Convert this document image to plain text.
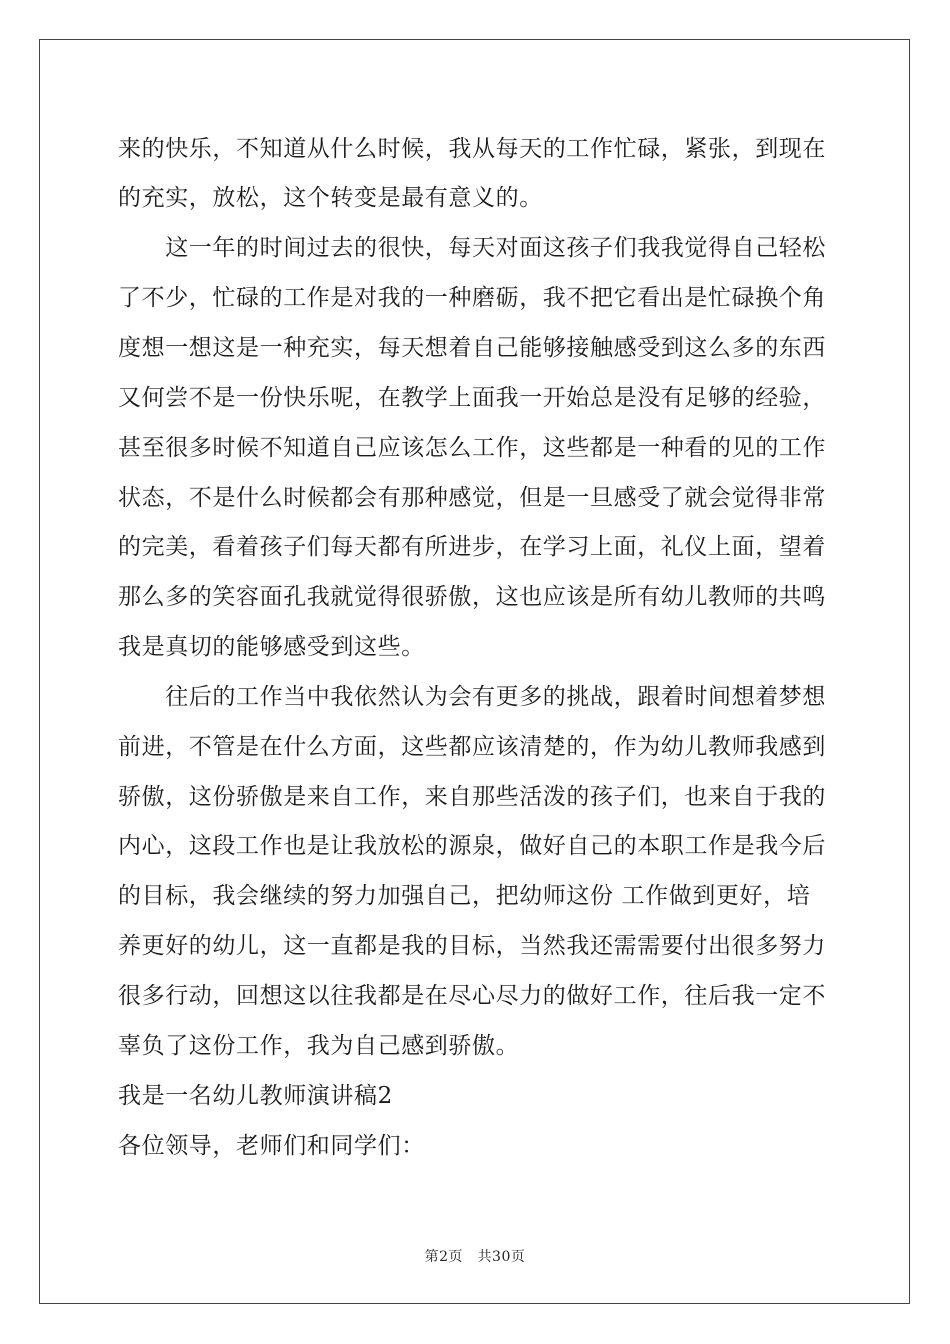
来的快乐，不知道从什么时候，我从每天的工作忙碌，紧张，到现在
的充实，放松，这个转变是最有意义的。
　　这一年的时间过去的很快，每天对面这孩子们我我觉得自己轻松
了不少，忙碌的工作是对我的一种磨砺，我不把它看出是忙碌换个角
度想一想这是一种充实，每天想着自己能够接触感受到这么多的东西
又何尝不是一份快乐呢，在教学上面我一开始总是没有足够的经验，
甚至很多时候不知道自己应该怎么工作，这些都是一种看的见的工作
状态，不是什么时候都会有那种感觉，但是一旦感受了就会觉得非常
的完美，看着孩子们每天都有所进步，在学习上面，礼仪上面，望着
那么多的笑容面孔我就觉得很骄傲，这也应该是所有幼儿教师的共鸣
我是真切的能够感受到这些。
　　往后的工作当中我依然认为会有更多的挑战，跟着时间想着梦想
前进，不管是在什么方面，这些都应该清楚的，作为幼儿教师我感到
骄傲，这份骄傲是来自工作，来自那些活泼的孩子们，也来自于我的
内心，这段工作也是让我放松的源泉，做好自己的本职工作是我今后
的目标，我会继续的努力加强自己，把幼师这份 工作做到更好，培
养更好的幼儿，这一直都是我的目标，当然我还需需要付出很多努力
很多行动，回想这以往我都是在尽心尽力的做好工作，往后我一定不
辜负了这份工作，我为自己感到骄傲。
我是一名幼儿教师演讲稿2
各位领导，老师们和同学们：
第2页　共30页
